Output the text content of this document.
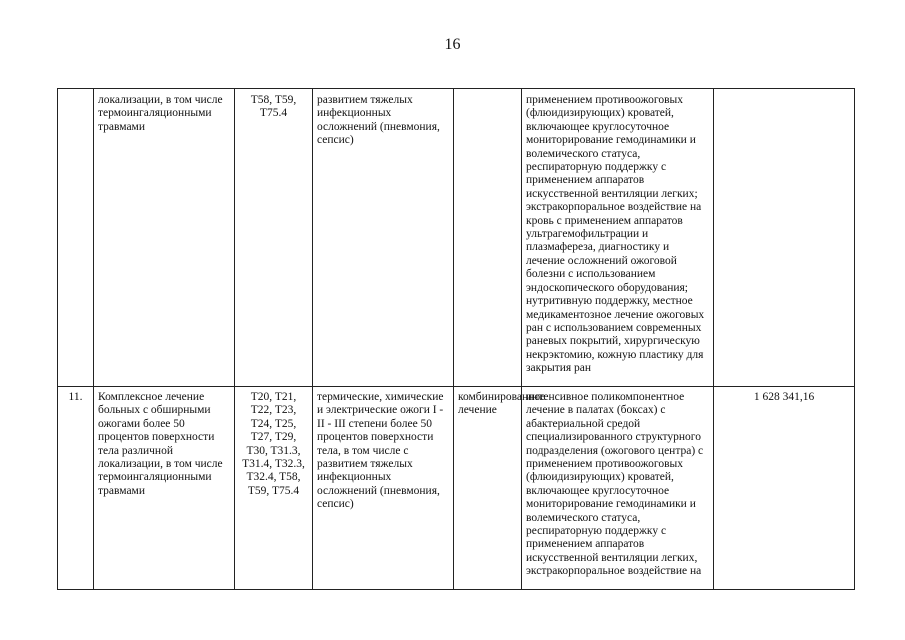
16
	локализации, в том числе термоингаляционными травмами	T58, T59, T75.4	развитием тяжелых инфекционных осложнений (пневмония, сепсис)		применением противоожоговых (флюидизирующих) кроватей, включающее круглосуточное мониторирование гемодинамики и волемического статуса, респираторную поддержку с применением аппаратов искусственной вентиляции легких; экстракорпоральное воздействие на кровь с применением аппаратов ультрагемофильтрации и плазмафереза, диагностику и лечение осложнений ожоговой болезни с использованием эндоскопического оборудования; нутритивную поддержку, местное медикаментозное лечение ожоговых ран с использованием современных раневых покрытий, хирургическую некрэктомию, кожную пластику для закрытия ран	
11.	Комплексное лечение больных с обширными ожогами более 50 процентов поверхности тела различной локализации, в том числе термоингаляционными травмами	T20, T21, T22, T23, T24, T25, T27, T29, T30, T31.3, T31.4, T32.3, T32.4, T58, T59, T75.4	термические, химические и электрические ожоги I - II - III степени более 50 процентов поверхности тела, в том числе с развитием тяжелых инфекционных осложнений (пневмония, сепсис)	комбинированное лечение	интенсивное поликомпонентное лечение в палатах (боксах) с абактериальной средой специализированного структурного подразделения (ожогового центра) с применением противоожоговых (флюидизирующих) кроватей, включающее круглосуточное мониторирование гемодинамики и волемического статуса, респираторную поддержку с применением аппаратов искусственной вентиляции легких, экстракорпоральное воздействие на	1 628 341,16
